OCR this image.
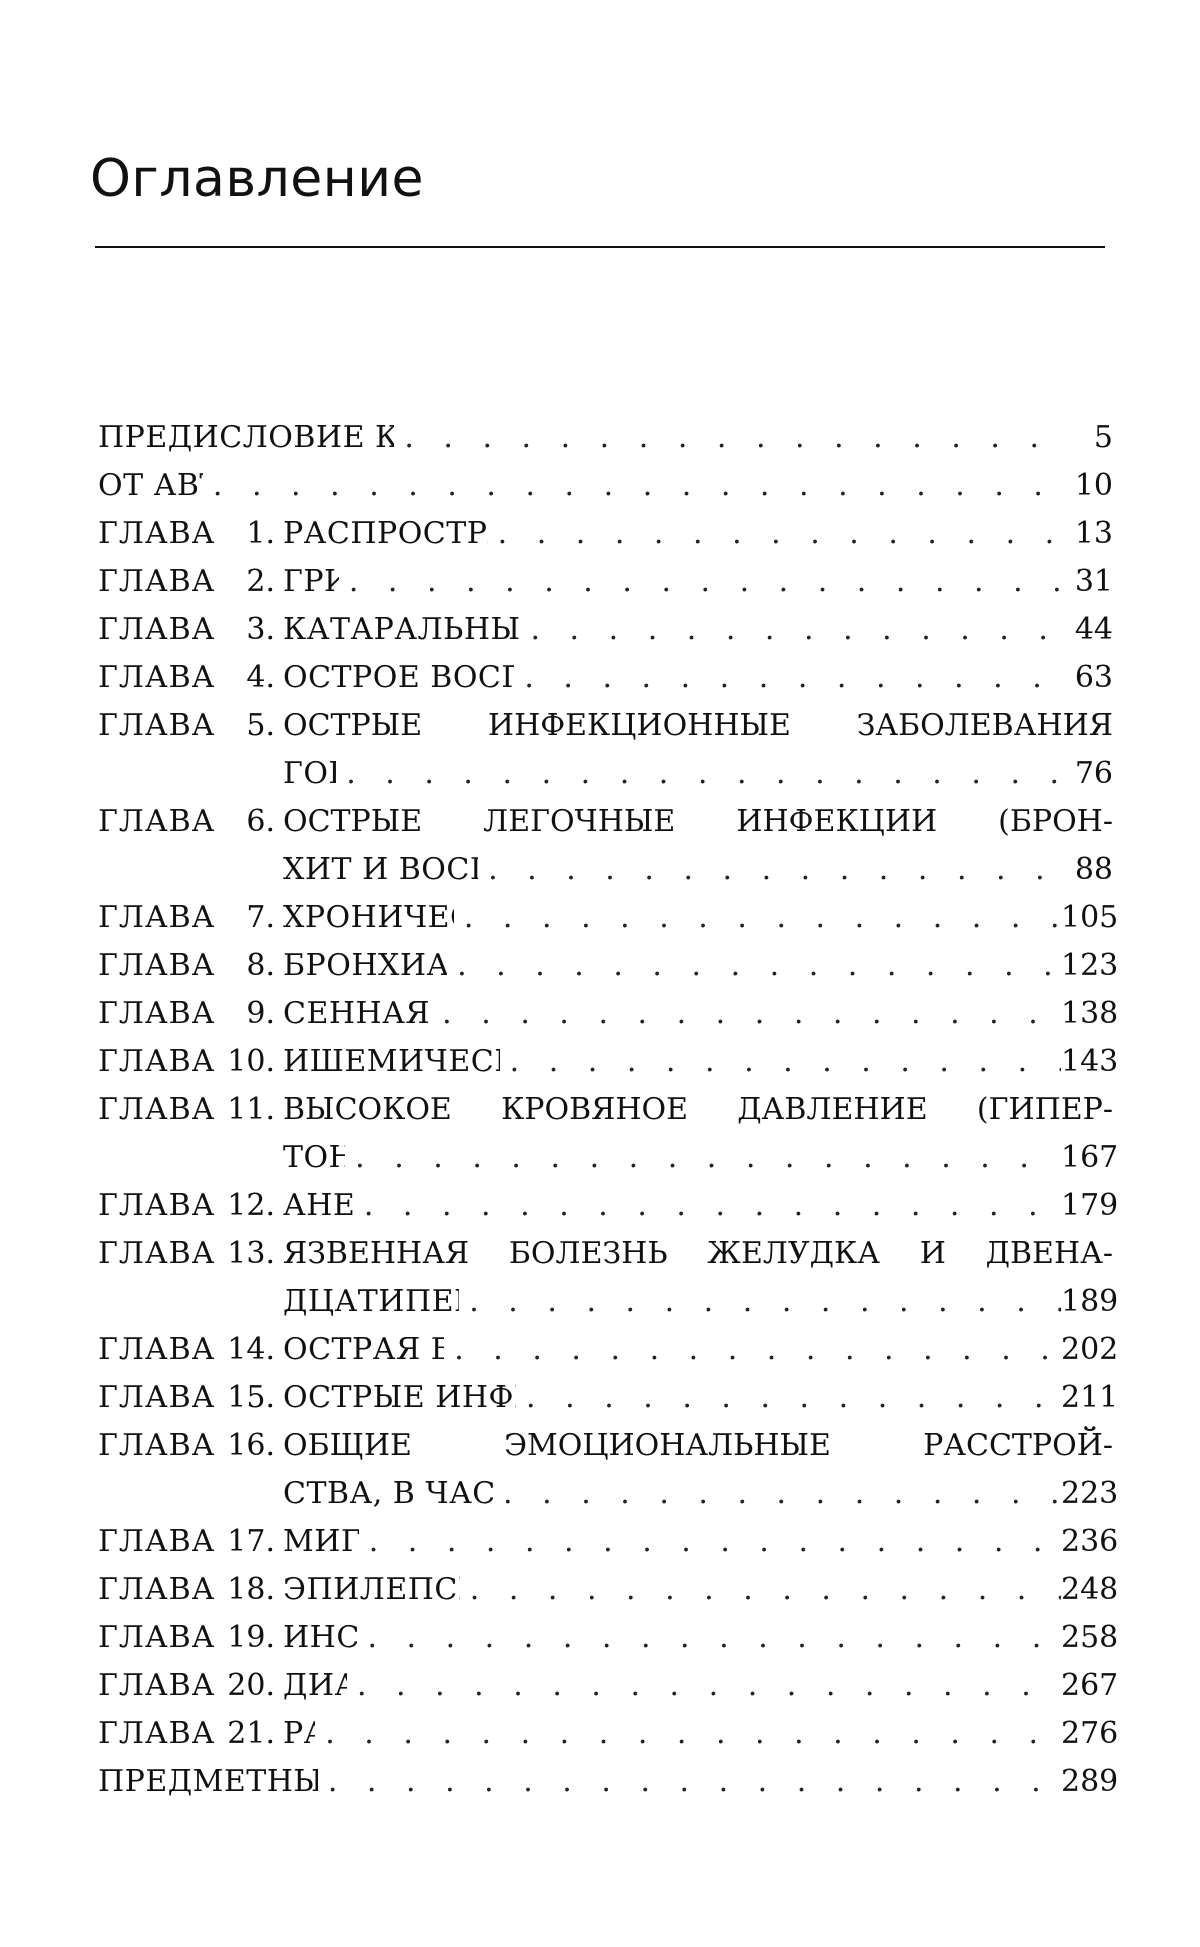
Оглавление
ПРЕДИСЛОВИЕ К . . . . . . . . . . . . . . . . .	5
ОТ АВ . . . . . . . . . . . . . . . . . . . . . . 10
ГЛАВА 1. РАСПРОСТР . . . . . . . . . . . . . .	13
ГЛАВА 2. ГРИ
. . . . . . . . . . . . . . . . . .	31
ГЛАВА 3. КАТАРАЛЬНЫЕ
. . . . . . . . . . . . . . 44
ГЛАВА 4. ОСТРОЕ ВОС . . . . . . . . . . . . . . 63
ГЛАВА 5. ОСТРЫЕ ИНФЕКЦИОННЫЕ ЗАБОЛЕВАНИЯ
ГО . . . . . . . . . . . . . . . . . .	76
ГЛАВА 6. ОСТРЫЕ ЛЕГОЧНЫЕ ИНФЕКЦИИ (БРОН-
ХИТ И ВОС . . . . . . . . . . . . . . . 88
ГЛАВА 7. ХРОНИЧЕ . . . . . . . . . . . . . . .	105
ГЛАВА 8. БРОНХИА . . . . . . . . . . . . . . . .
123
ГЛАВА 9. СЕННАЯ . . . . . . . . . . . . . . . . 138
ГЛАВА 10. ИШЕМИЧЕС . . . . . . . . . . . . . . 143
ГЛАВА 11. ВЫСОКОЕ КРОВЯНОЕ ДАВЛЕНИЕ (ГИПЕР-
ТОН . . . . . . . . . . . . . . . . . . 167
ГЛАВА 12. АНЕ . . . . . . . . . . . . . . . . . . 179
ГЛАВА 13. ЯЗВЕННАЯ БОЛЕЗНЬ ЖЕЛУДКА И ДВЕНА-
ДЦАТИПЕ . . . . . . . . . . . . . . . 189
ГЛАВА 14. ОСТРАЯ Б . . . . . . . . . . . . . . . . 202
ГЛАВА 15. ОСТРЫЕ ИНФ . . . . . . . . . . . . . . 211
ГЛАВА 16. ОБЩИЕ	ЭМОЦИОНАЛЬНЫЕ	РАССТРОЙ-
СТВА, В ЧАС . . . . . . . . . . . . . .	223
ГЛАВА 17. МИГ . . . . . . . . . . . . . . . . . . 236
ГЛАВА 18. ЭПИЛЕПС . . . . . . . . . . . . . . . 248
ГЛАВА 19. ИНС . . . . . . . . . . . . . . . . . . 258
ГЛАВА 20. ДИА . . . . . . . . . . . . . . . . . . 267
ГЛАВА 21. Р . . . . . . . . . . . . . . . . . . . 276
ПРЕДМЕТНЫ . . . . . . . . . . . . . . . . . . . 289
